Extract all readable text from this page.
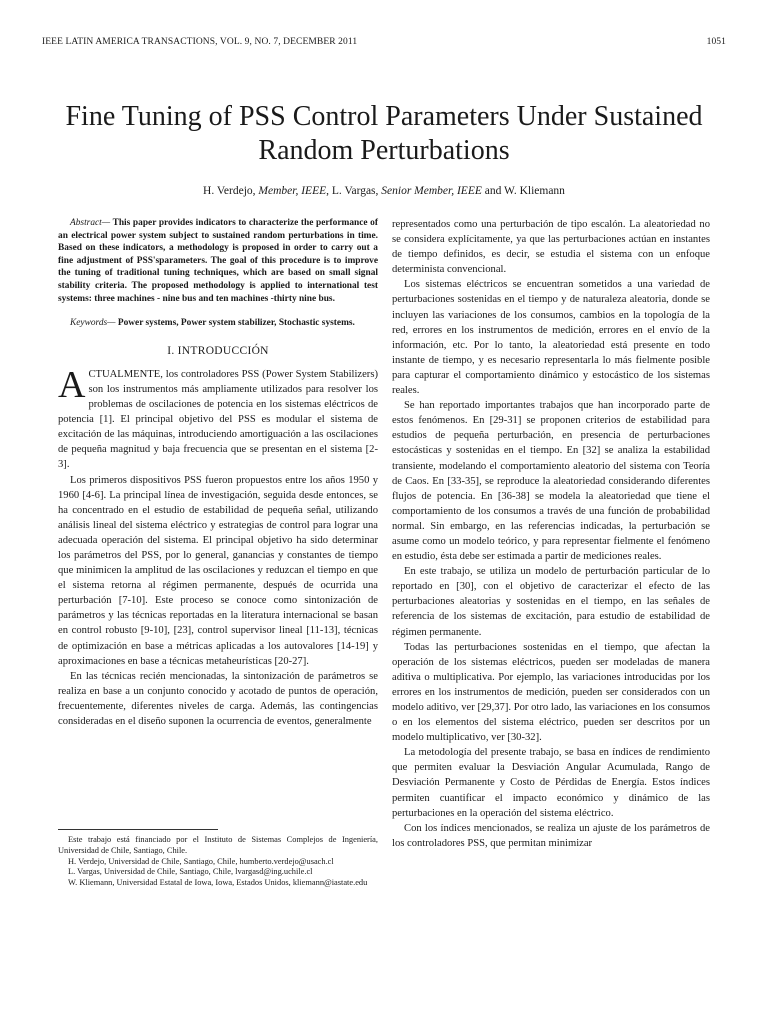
IEEE LATIN AMERICA TRANSACTIONS, VOL. 9, NO. 7, DECEMBER 2011	1051
Fine Tuning of PSS Control Parameters Under Sustained Random Perturbations
H. Verdejo, Member, IEEE, L. Vargas, Senior Member, IEEE and W. Kliemann

Abstract— This paper provides indicators to characterize the performance of an electrical power system subject to sustained random perturbations in time. Based on these indicators, a methodology is proposed in order to carry out a fine adjustment of PSS'sparameters. The goal of this procedure is to improve the tuning of traditional tuning techniques, which are based on small signal stability criteria. The proposed methodology is applied to international test systems: three machines - nine bus and ten machines -thirty nine bus.

Keywords— Power systems, Power system stabilizer, Stochastic systems.

I. INTRODUCCIÓN

ACTUALMENTE, los controladores PSS (Power System Stabilizers) son los instrumentos más ampliamente utilizados para resolver los problemas de oscilaciones de potencia en los sistemas eléctricos de potencia [1]. El principal objetivo del PSS es modular el sistema de excitación de las máquinas, introduciendo amortiguación a las oscilaciones de pequeña magnitud y baja frecuencia que se presentan en el sistema [2-3].

Los primeros dispositivos PSS fueron propuestos entre los años 1950 y 1960 [4-6]. La principal línea de investigación, seguida desde entonces, se ha concentrado en el estudio de estabilidad de pequeña señal, utilizando análisis lineal del sistema eléctrico y estrategias de control para lograr una adecuada operación del sistema. El principal objetivo ha sido determinar los parámetros del PSS, por lo general, ganancias y constantes de tiempo que minimicen la amplitud de las oscilaciones y reduzcan el tiempo en que el sistema retorna al régimen permanente, después de ocurrida una perturbación [7-10]. Este proceso se conoce como sintonización de parámetros y las técnicas reportadas en la literatura internacional se basan en control robusto [9-10], [23], control supervisor lineal [11-13], técnicas de optimización en base a métricas aplicadas a los autovalores [14-19] y aproximaciones en base a técnicas metaheurísticas [20-27].

En las técnicas recién mencionadas, la sintonización de parámetros se realiza en base a un conjunto conocido y acotado de puntos de operación, frecuentemente, diferentes niveles de carga. Además, las contingencias consideradas en el diseño suponen la ocurrencia de eventos, generalmente

Este trabajo está financiado por el Instituto de Sistemas Complejos de Ingeniería, Universidad de Chile, Santiago, Chile.

H. Verdejo, Universidad de Chile, Santiago, Chile, humberto.verdejo@usach.cl

L. Vargas, Universidad de Chile, Santiago, Chile, lvargasd@ing.uchile.cl

W. Kliemann, Universidad Estatal de Iowa, Iowa, Estados Unidos, kliemann@iastate.edu

representados como una perturbación de tipo escalón. La aleatoriedad no se considera explícitamente, ya que las perturbaciones actúan en instantes de tiempo definidos, es decir, se estudia el sistema con un enfoque determinista convencional.

Los sistemas eléctricos se encuentran sometidos a una variedad de perturbaciones sostenidas en el tiempo y de naturaleza aleatoria, donde se incluyen las variaciones de los consumos, cambios en la topología de la red, errores en los instrumentos de medición, errores en el envío de la información, etc. Por lo tanto, la aleatoriedad está presente en todo instante de tiempo, y es necesario representarla lo más fielmente posible para capturar el comportamiento dinámico y estocástico de los sistemas reales.

Se han reportado importantes trabajos que han incorporado parte de estos fenómenos. En [29-31] se proponen criterios de estabilidad para estudios de pequeña perturbación, en presencia de perturbaciones estocásticas y sostenidas en el tiempo. En [32] se analiza la estabilidad transiente, modelando el comportamiento aleatorio del sistema con Teoría de Caos. En [33-35], se reproduce la aleatoriedad considerando diferentes flujos de potencia. En [36-38] se modela la aleatoriedad que tiene el comportamiento de los consumos a través de una función de probabilidad normal. Sin embargo, en las referencias indicadas, la perturbación se asume como un modelo teórico, y para representar fielmente el fenómeno en estudio, ésta debe ser estimada a partir de mediciones reales.

En este trabajo, se utiliza un modelo de perturbación particular de lo reportado en [30], con el objetivo de caracterizar el efecto de las perturbaciones aleatorias y sostenidas en el tiempo, en las señales de referencia de los sistemas de excitación, para estudio de estabilidad de régimen permanente.

Todas las perturbaciones sostenidas en el tiempo, que afectan la operación de los sistemas eléctricos, pueden ser modeladas de manera aditiva o multiplicativa. Por ejemplo, las variaciones introducidas por los errores en los instrumentos de medición, pueden ser considerados con un modelo aditivo, ver [29,37]. Por otro lado, las variaciones en los consumos o en los elementos del sistema eléctrico, pueden ser descritos por un modelo multiplicativo, ver [30-32].

La metodología del presente trabajo, se basa en índices de rendimiento que permiten evaluar la Desviación Angular Acumulada, Rango de Desviación Permanente y Costo de Pérdidas de Energía. Estos índices permiten cuantificar el impacto económico y dinámico de las perturbaciones en la operación del sistema eléctrico.

Con los índices mencionados, se realiza un ajuste de los parámetros de los controladores PSS, que permitan minimizar
